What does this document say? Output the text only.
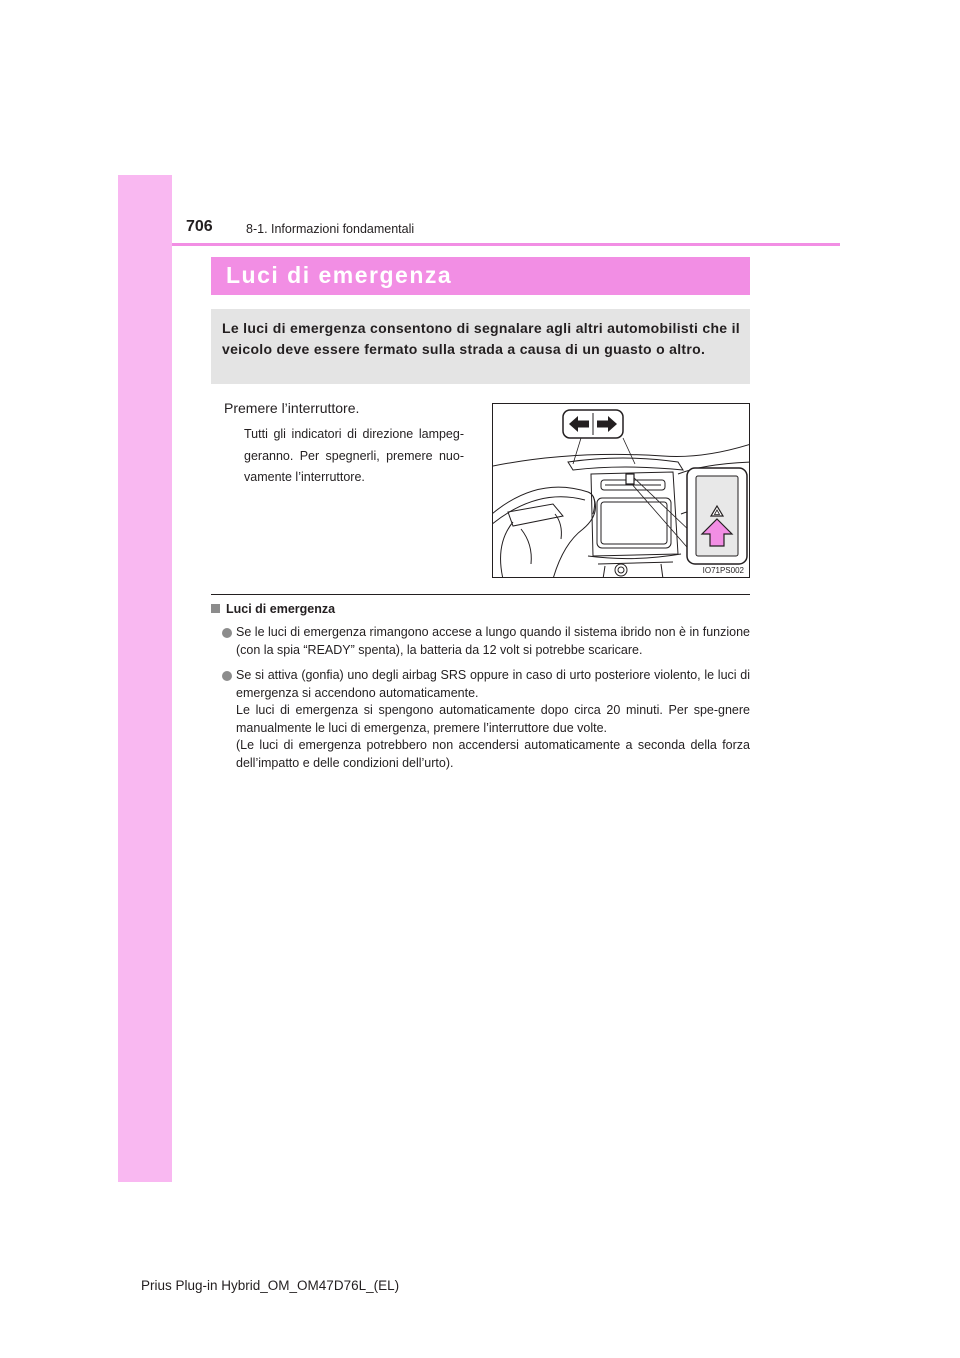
706	8-1. Informazioni fondamentali
Luci di emergenza
Le luci di emergenza consentono di segnalare agli altri automobilisti che il veicolo deve essere fermato sulla strada a causa di un guasto o altro.
Premere l’interruttore.
Tutti gli indicatori di direzione lampeg-geranno. Per spegnerli, premere nuo-vamente l’interruttore.
IO71PS002
Luci di emergenza
Se le luci di emergenza rimangono accese a lungo quando il sistema ibrido non è in funzione (con la spia “READY” spenta), la batteria da 12 volt si potrebbe scaricare.
Se si attiva (gonfia) uno degli airbag SRS oppure in caso di urto posteriore violento, le luci di emergenza si accendono automaticamente.
Le luci di emergenza si spengono automaticamente dopo circa 20 minuti. Per spe-gnere manualmente le luci di emergenza, premere l’interruttore due volte.
(Le luci di emergenza potrebbero non accendersi automaticamente a seconda della forza dell’impatto e delle condizioni dell’urto).
Prius Plug-in Hybrid_OM_OM47D76L_(EL)
